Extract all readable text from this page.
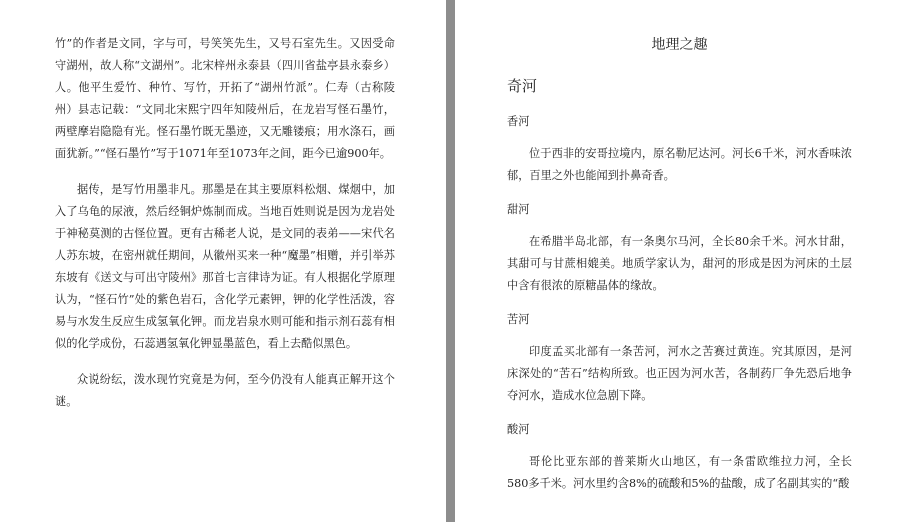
竹”的作者是文同，字与可，号笑笑先生，又号石室先生。又因受命守湖州，故人称“文湖州”。北宋梓州永泰县（四川省盐亭县永泰乡）人。他平生爱竹、种竹、写竹，开拓了“湖州竹派”。仁寿（古称陵州）县志记载：“文同北宋熙宁四年知陵州后，在龙岩写怪石墨竹，两壁摩岩隐隐有光。怪石墨竹既无墨迹，又无雕镂痕；用水涤石，画面犹新。”“怪石墨竹”写于1071年至1073年之间，距今已逾900年。

据传，是写竹用墨非凡。那墨是在其主要原料松烟、煤烟中，加入了乌龟的尿液，然后经铜炉炼制而成。当地百姓则说是因为龙岩处于神秘莫测的古怪位置。更有古稀老人说，是文同的表弟——宋代名人苏东坡，在密州就任期间，从徽州买来一种“魔墨”相赠，并引举苏东坡有《送文与可出守陵州》那首七言律诗为证。有人根据化学原理认为，“怪石竹”处的紫色岩石，含化学元素钾，钾的化学性活泼，容易与水发生反应生成氢氧化钾。而龙岩泉水则可能和指示剂石蕊有相似的化学成份，石蕊遇氢氧化钾显墨蓝色，看上去酷似黑色。

众说纷纭，泼水现竹究竟是为何，至今仍没有人能真正解开这个谜。

地理之趣

奇河

香河

位于西非的安哥拉境内，原名勒尼达河。河长6千米，河水香味浓郁，百里之外也能闻到扑鼻奇香。

甜河

在希腊半岛北部，有一条奥尔马河，全长80余千米。河水甘甜，其甜可与甘蔗相媲美。地质学家认为，甜河的形成是因为河床的土层中含有很浓的原糖晶体的缘故。

苦河

印度孟买北部有一条苦河，河水之苦赛过黄连。究其原因，是河床深处的“苦石”结构所致。也正因为河水苦，各制药厂争先恐后地争夺河水，造成水位急剧下降。

酸河

哥伦比亚东部的普莱斯火山地区，有一条雷欧维拉力河，全长580多千米。河水里约含8%的硫酸和5%的盐酸，成了名副其实的“酸
